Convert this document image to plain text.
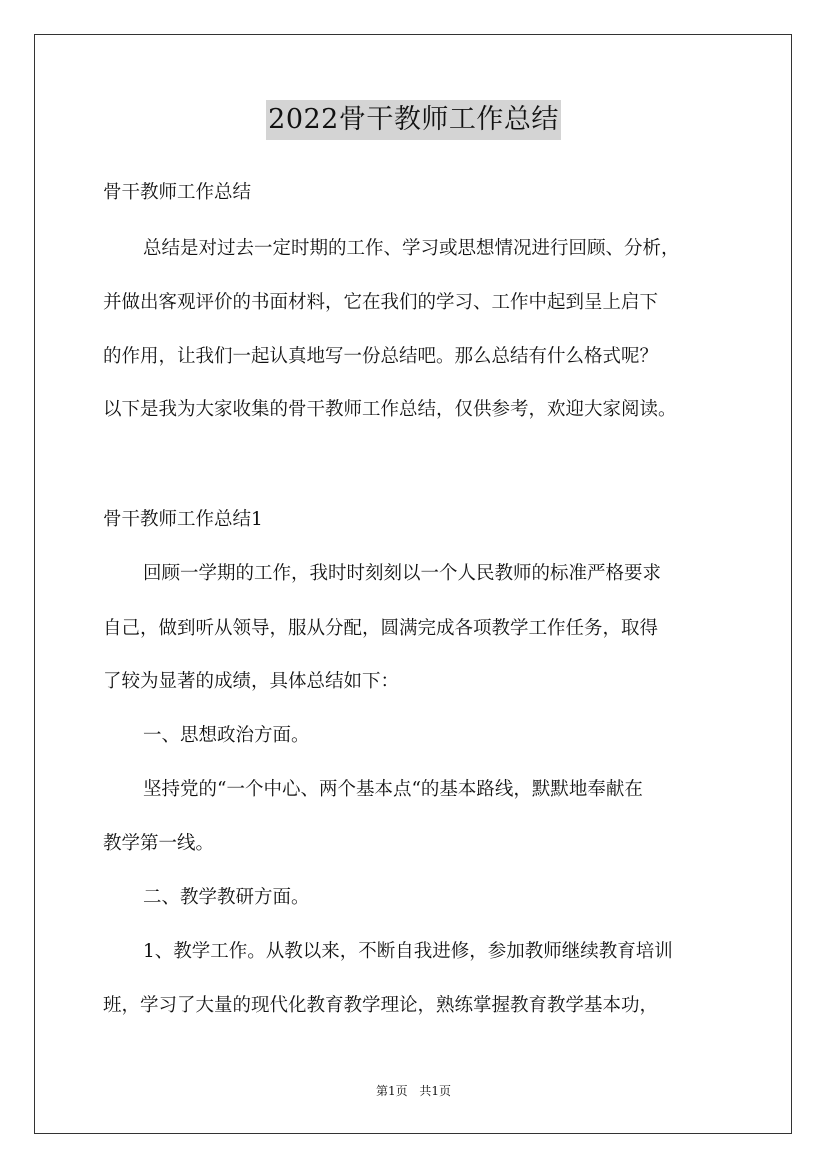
2022骨干教师工作总结
骨干教师工作总结
总结是对过去一定时期的工作、学习或思想情况进行回顾、分析，
并做出客观评价的书面材料，它在我们的学习、工作中起到呈上启下
的作用，让我们一起认真地写一份总结吧。那么总结有什么格式呢？
以下是我为大家收集的骨干教师工作总结，仅供参考，欢迎大家阅读。
骨干教师工作总结1
回顾一学期的工作，我时时刻刻以一个人民教师的标准严格要求
自己，做到听从领导，服从分配，圆满完成各项教学工作任务，取得
了较为显著的成绩，具体总结如下：
一、思想政治方面。
坚持党的“一个中心、两个基本点“的基本路线，默默地奉献在
教学第一线。
二、教学教研方面。
1、教学工作。从教以来，不断自我进修，参加教师继续教育培训
班，学习了大量的现代化教育教学理论，熟练掌握教育教学基本功，
第1页 共1页
